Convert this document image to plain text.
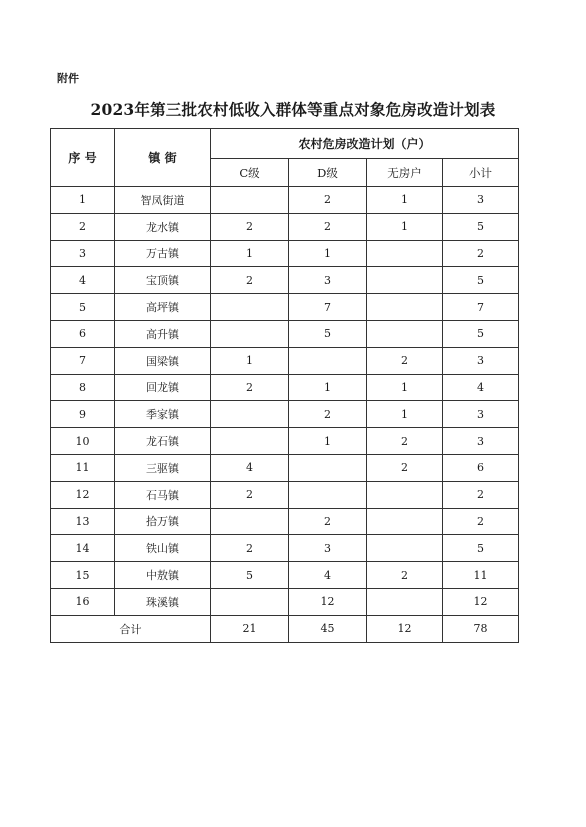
附件
2023年第三批农村低收入群体等重点对象危房改造计划表
序 号	镇 街	农村危房改造计划（户）			
		C级	D级	无房户	小计
1	智凤街道		2	1	3
2	龙水镇	2	2	1	5
3	万古镇	1	1		2
4	宝顶镇	2	3		5
5	高坪镇		7		7
6	高升镇		5		5
7	国梁镇	1		2	3
8	回龙镇	2	1	1	4
9	季家镇		2	1	3
10	龙石镇		1	2	3
11	三驱镇	4		2	6
12	石马镇	2			2
13	拾万镇		2		2
14	铁山镇	2	3		5
15	中敖镇	5	4	2	11
16	珠溪镇		12		12
合计		21	45	12	78
